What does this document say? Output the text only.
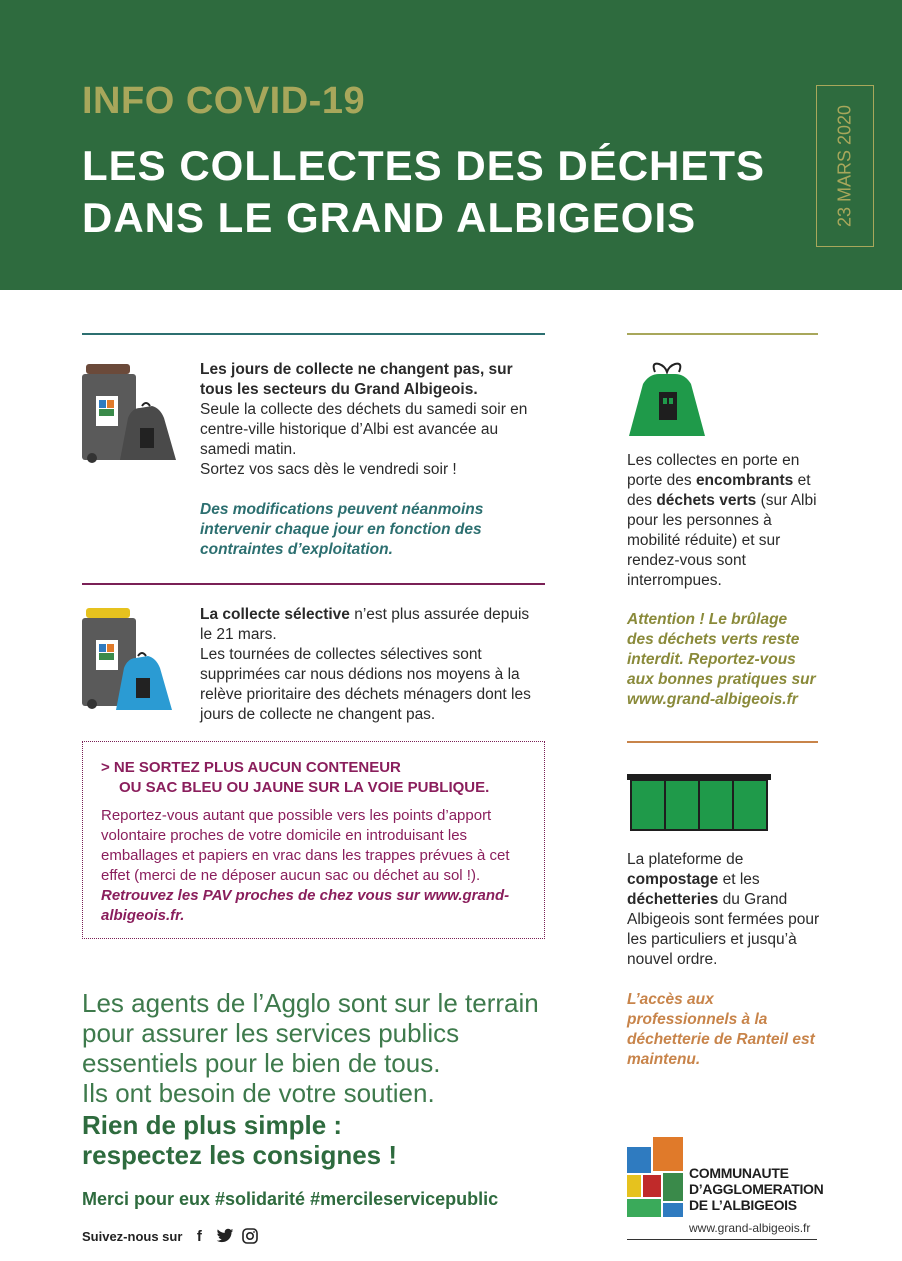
INFO COVID-19
LES COLLECTES DES DÉCHETS
DANS LE GRAND ALBIGEOIS	23 MARS 2020
Les jours de collecte ne changent pas, sur tous les secteurs du Grand Albigeois.
Seule la collecte des déchets du samedi soir en centre-ville historique d’Albi est avancée au samedi matin.
Sortez vos sacs dès le vendredi soir !
Des modifications peuvent néanmoins intervenir chaque jour en fonction des contraintes d’exploitation.
La collecte sélective n’est plus assurée depuis le 21 mars.
Les tournées de collectes sélectives sont supprimées car nous dédions nos moyens à la relève prioritaire des déchets ménagers dont les jours de collecte ne changent pas.
> NE SORTEZ PLUS AUCUN CONTENEUR
OU SAC BLEU OU JAUNE SUR LA VOIE PUBLIQUE.
Reportez-vous autant que possible vers les points d’apport volontaire proches de votre domicile en introduisant les emballages et papiers en vrac dans les trappes prévues à cet effet (merci de ne déposer aucun sac ou déchet au sol !).
Retrouvez les PAV proches de chez vous sur www.grand-albigeois.fr.
Les agents de l’Agglo sont sur le terrain
pour assurer les services publics
essentiels pour le bien de tous.
Ils ont besoin de votre soutien.
Rien de plus simple :
respectez les consignes !
Merci pour eux #solidarité #mercileservicepublic
Suivez-nous sur f
Les collectes en porte en porte des encombrants et des déchets verts (sur Albi pour les personnes à mobilité réduite) et sur rendez-vous sont interrompues.
Attention ! Le brûlage des déchets verts reste interdit. Reportez-vous aux bonnes pratiques sur www.grand-albigeois.fr
La plateforme de compostage et les déchetteries du Grand Albigeois sont fermées pour les particuliers et jusqu’à nouvel ordre.
L’accès aux professionnels à la déchetterie de Ranteil est maintenu.
COMMUNAUTE
D’AGGLOMERATION
DE L’ALBIGEOIS
www.grand-albigeois.fr
